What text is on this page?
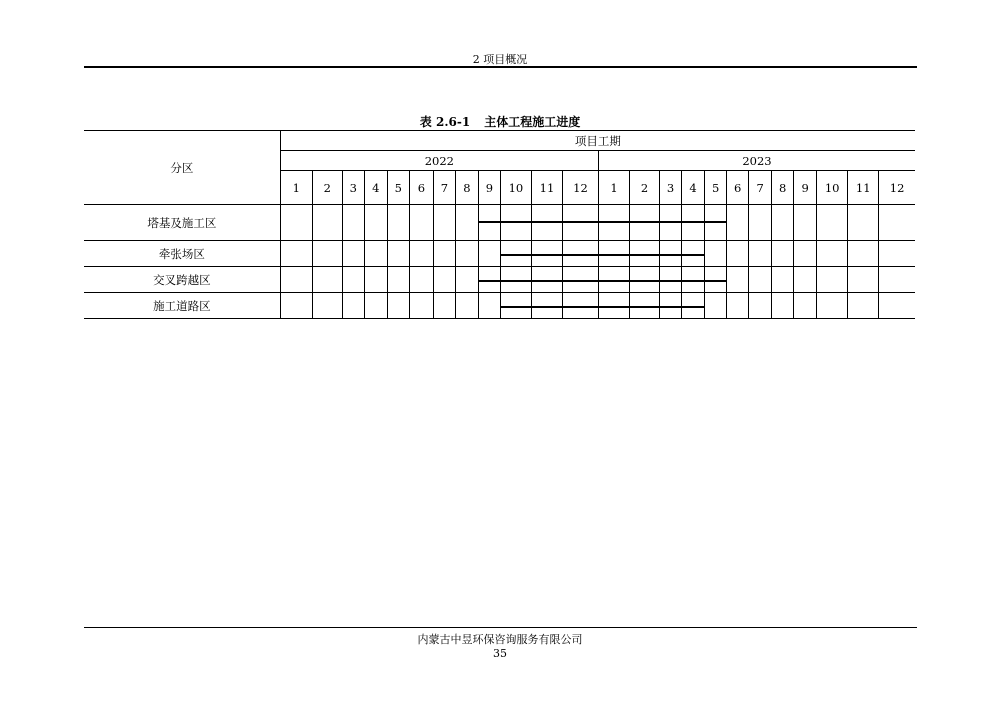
2 项目概况
表 2.6-1 主体工程施工进度
分区	项目工期																							
	2022												2023											
	1	2	3	4	5	6	7	8	9	10	11	12	1	2	3	4	5	6	7	8	9	10	11	12
塔基及施工区									

牵张场区										

交叉跨越区									

施工道路区										

内蒙古中昱环保咨询服务有限公司
35
